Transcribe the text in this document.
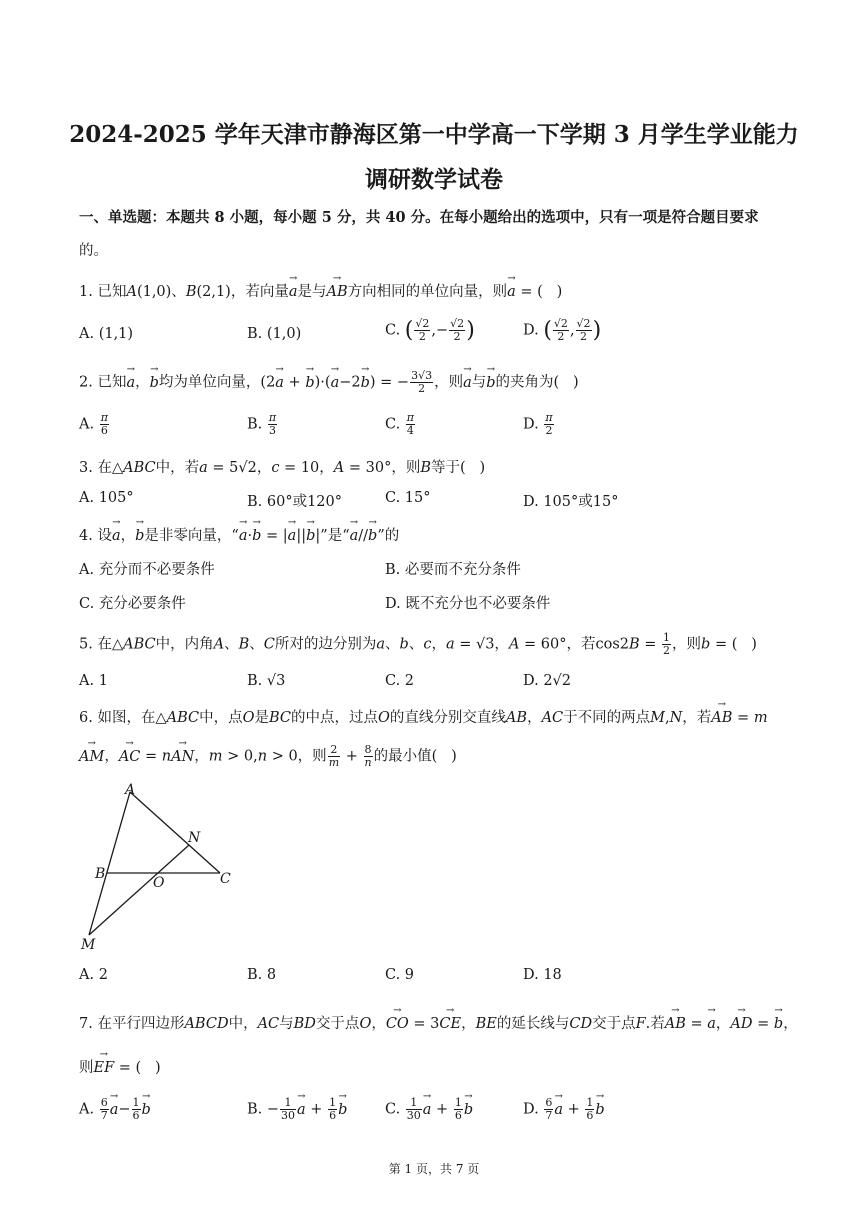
2024-2025 学年天津市静海区第一中学高一下学期 3 月学生学业能力
调研数学试卷
一、单选题：本题共 8 小题，每小题 5 分，共 40 分。在每小题给出的选项中，只有一项是符合题目要求
的。
1. 已知A(1,0)、B(2,1)，若向量→ a是与→ AB方向相同的单位向量，则→ a = (   )
A. (1,1)	B. (1,0)	C. ( $\frac{√2}{2}$ ,− $\frac{√2}{2}$ )	D. ( $\frac{√2}{2}$ , $\frac{√2}{2}$ )
2. 已知→ a，→ b均为单位向量，(2→ a + → b)·(→ a−2→ b) = − $\frac{3√3}{2}$ ，则→ a与→ b的夹角为(   )
A. $\frac{\pi}{6}$	B. $\frac{\pi}{3}$	C. $\frac{\pi}{4}$	D. $\frac{\pi}{2}$
3. 在△ABC中，若a = 5√2，c = 10，A = 30°，则B等于(   )
A. 105°	B. 60°或120°	C. 15°	D. 105°或15°
4. 设→ a，→ b是非零向量，“→ a·→ b = |→ a||→ b|”是“→ a//→ b”的
A. 充分而不必要条件	B. 必要而不充分条件
C. 充分必要条件	D. 既不充分也不必要条件
5. 在△ABC中，内角A、B、C所对的边分别为a、b、c，a = √3，A = 60°，若$\cos 2B = \frac{1}{2}$ ，则b = (   )
A. 1	B. √3	C. 2	D. 2√2
6. 如图，在△ABC中，点O是BC的中点，过点O的直线分别交直线AB，AC于不同的两点M,N，若→ AB = m
→ AM，→ AC = n→ AN，m > 0,n > 0，则 $\frac{2}{m} + \frac{8}{n}$ 的最小值(   )
A
N
B
O	C
M
A. 2	B. 8	C. 9	D. 18
7. 在平行四边形ABCD中，AC与BD交于点O，→ CO = 3→ CE，BE的延长线与CD交于点F.若→ AB = → a，→ AD = → b，
则→ EF = (   )
A. $\frac{6}{7}$
→ $a- \frac{1}{6}$
→ b	B. − $\frac{1}{30}$
→ $a + \frac{1}{6}$
→ b	C. $\frac{1}{30}$
→ $a + \frac{1}{6}$
→ b	D. $\frac{6}{7}$
→ $a + \frac{1}{6}$
→ b
第 1 页，共 7 页
